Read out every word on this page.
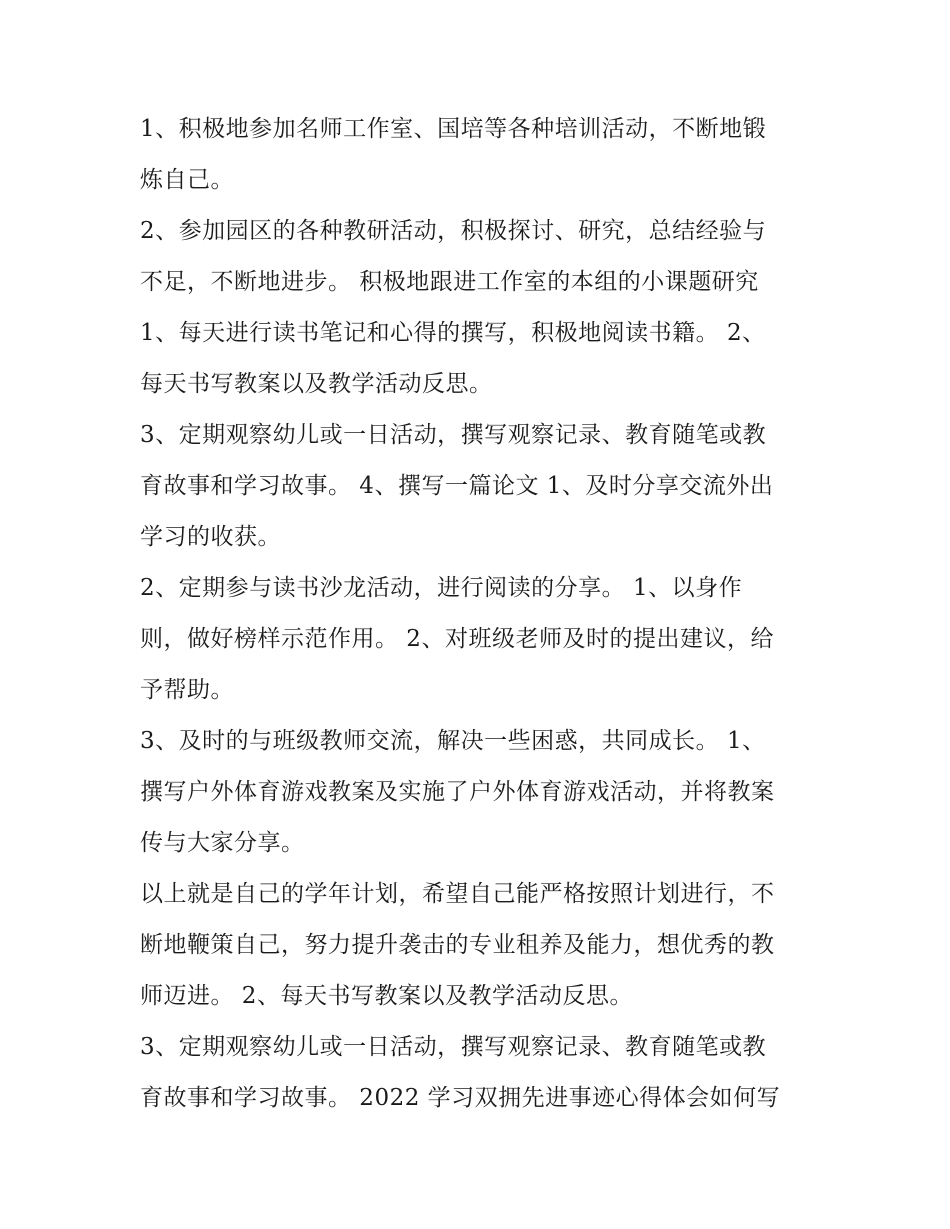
1、积极地参加名师工作室、国培等各种培训活动，不断地锻
炼自己。
2、参加园区的各种教研活动，积极探讨、研究，总结经验与
不足，不断地进步。 积极地跟进工作室的本组的小课题研究
1、每天进行读书笔记和心得的撰写，积极地阅读书籍。 2、
每天书写教案以及教学活动反思。
3、定期观察幼儿或一日活动，撰写观察记录、教育随笔或教
育故事和学习故事。 4、撰写一篇论文 1、及时分享交流外出
学习的收获。
2、定期参与读书沙龙活动，进行阅读的分享。 1、以身作
则，做好榜样示范作用。 2、对班级老师及时的提出建议，给
予帮助。
3、及时的与班级教师交流，解决一些困惑，共同成长。 1、
撰写户外体育游戏教案及实施了户外体育游戏活动，并将教案
传与大家分享。
以上就是自己的学年计划，希望自己能严格按照计划进行，不
断地鞭策自己，努力提升袭击的专业租养及能力，想优秀的教
师迈进。 2、每天书写教案以及教学活动反思。
3、定期观察幼儿或一日活动，撰写观察记录、教育随笔或教
育故事和学习故事。 2022 学习双拥先进事迹心得体会如何写
